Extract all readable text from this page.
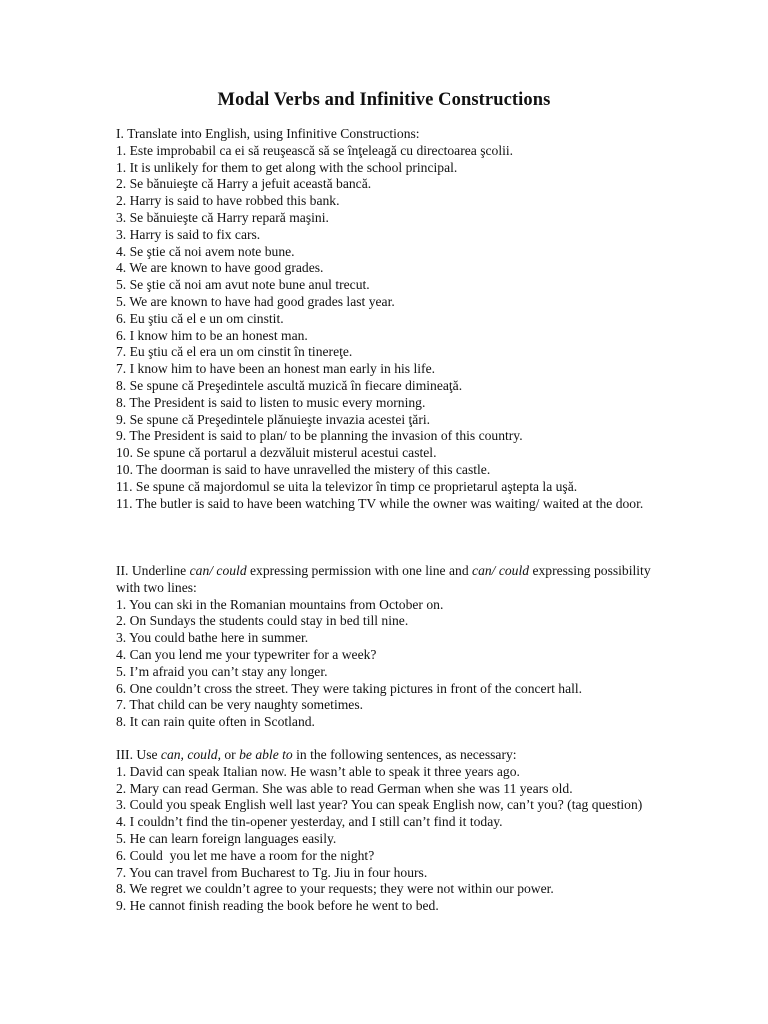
Modal Verbs and Infinitive Constructions
I. Translate into English, using Infinitive Constructions:
1. Este improbabil ca ei să reuşească să se înţeleagă cu directoarea şcolii.
1. It is unlikely for them to get along with the school principal.
2. Se bănuieşte că Harry a jefuit această bancă.
2. Harry is said to have robbed this bank.
3. Se bănuieşte că Harry repară maşini.
3. Harry is said to fix cars.
4. Se ştie că noi avem note bune.
4. We are known to have good grades.
5. Se ştie că noi am avut note bune anul trecut.
5. We are known to have had good grades last year.
6. Eu ştiu că el e un om cinstit.
6. I know him to be an honest man.
7. Eu ştiu că el era un om cinstit în tinereţe.
7. I know him to have been an honest man early in his life.
8. Se spune că Preşedintele ascultă muzică în fiecare dimineaţă.
8. The President is said to listen to music every morning.
9. Se spune că Preşedintele plănuieşte invazia acestei ţări.
9. The President is said to plan/ to be planning the invasion of this country.
10. Se spune că portarul a dezvăluit misterul acestui castel.
10. The doorman is said to have unravelled the mistery of this castle.
11. Se spune că majordomul se uita la televizor în timp ce proprietarul aştepta la uşă.
11. The butler is said to have been watching TV while the owner was waiting/ waited at the door.
II. Underline can/ could expressing permission with one line and can/ could expressing possibility with two lines:
1. You can ski in the Romanian mountains from October on.
2. On Sundays the students could stay in bed till nine.
3. You could bathe here in summer.
4. Can you lend me your typewriter for a week?
5. I’m afraid you can’t stay any longer.
6. One couldn’t cross the street. They were taking pictures in front of the concert hall.
7. That child can be very naughty sometimes.
8. It can rain quite often in Scotland.
III. Use can, could, or be able to in the following sentences, as necessary:
1. David can speak Italian now. He wasn’t able to speak it three years ago.
2. Mary can read German. She was able to read German when she was 11 years old.
3. Could you speak English well last year? You can speak English now, can’t you? (tag question)
4. I couldn’t find the tin-opener yesterday, and I still can’t find it today.
5. He can learn foreign languages easily.
6. Could  you let me have a room for the night?
7. You can travel from Bucharest to Tg. Jiu in four hours.
8. We regret we couldn’t agree to your requests; they were not within our power.
9. He cannot finish reading the book before he went to bed.
